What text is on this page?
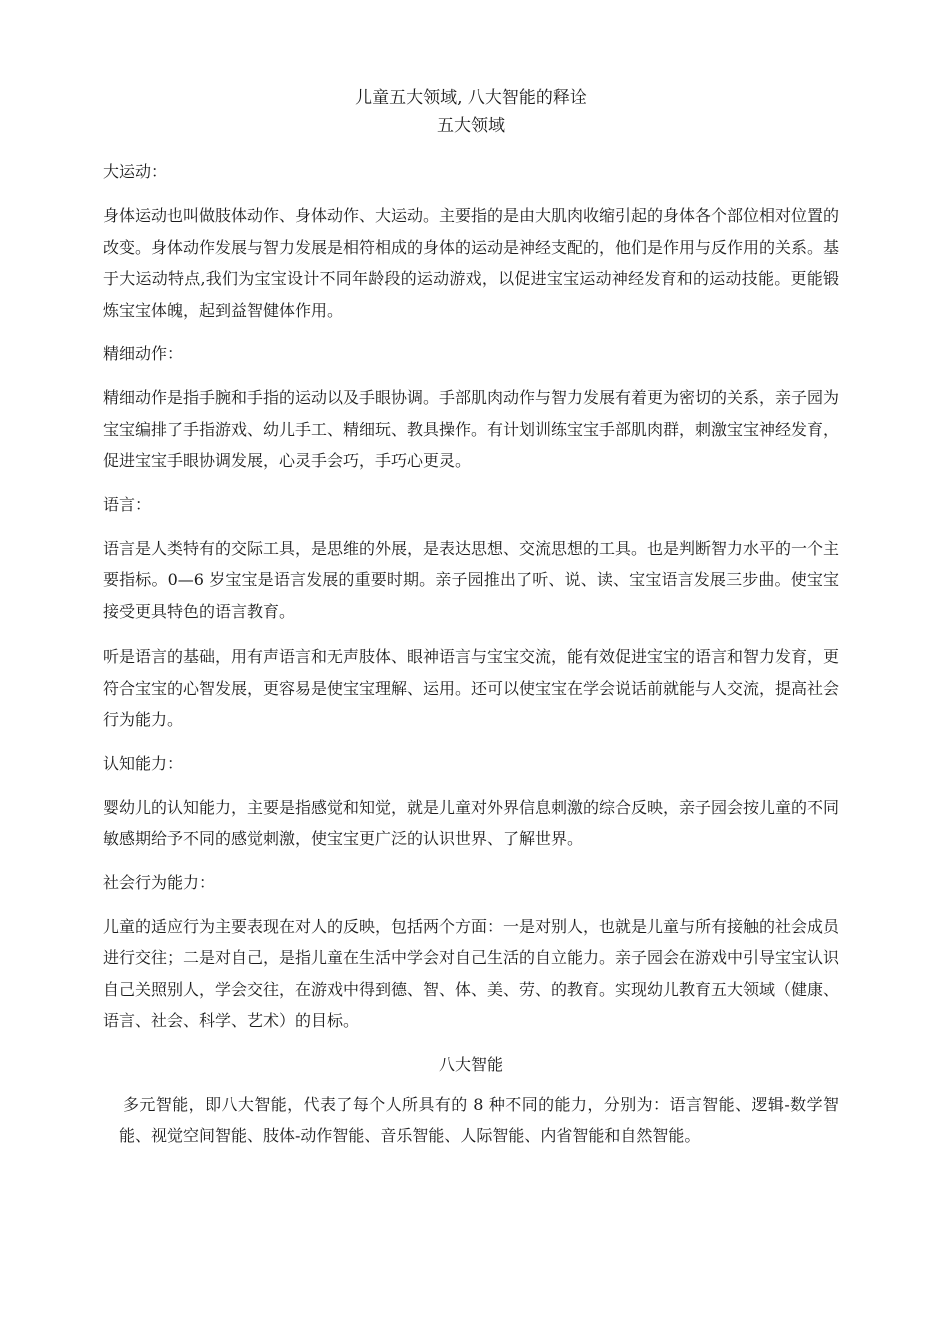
儿童五大领域, 八大智能的释诠
五大领域

大运动：

身体运动也叫做肢体动作、身体动作、大运动。主要指的是由大肌肉收缩引起的身体各个部位相对位置的改变。身体动作发展与智力发展是相符相成的身体的运动是神经支配的，他们是作用与反作用的关系。基于大运动特点,我们为宝宝设计不同年龄段的运动游戏，以促进宝宝运动神经发育和的运动技能。更能锻炼宝宝体魄，起到益智健体作用。

精细动作：

精细动作是指手腕和手指的运动以及手眼协调。手部肌肉动作与智力发展有着更为密切的关系，亲子园为宝宝编排了手指游戏、幼儿手工、精细玩、教具操作。有计划训练宝宝手部肌肉群，刺激宝宝神经发育，促进宝宝手眼协调发展，心灵手会巧，手巧心更灵。

语言：

语言是人类特有的交际工具，是思维的外展，是表达思想、交流思想的工具。也是判断智力水平的一个主要指标。0—6 岁宝宝是语言发展的重要时期。亲子园推出了听、说、读、宝宝语言发展三步曲。使宝宝接受更具特色的语言教育。

听是语言的基础，用有声语言和无声肢体、眼神语言与宝宝交流，能有效促进宝宝的语言和智力发育，更符合宝宝的心智发展，更容易是使宝宝理解、运用。还可以使宝宝在学会说话前就能与人交流，提高社会行为能力。

认知能力：

婴幼儿的认知能力，主要是指感觉和知觉，就是儿童对外界信息刺激的综合反映，亲子园会按儿童的不同敏感期给予不同的感觉刺激，使宝宝更广泛的认识世界、了解世界。

社会行为能力：

儿童的适应行为主要表现在对人的反映，包括两个方面：一是对别人，也就是儿童与所有接触的社会成员进行交往；二是对自己，是指儿童在生活中学会对自己生活的自立能力。亲子园会在游戏中引导宝宝认识自己关照别人，学会交往，在游戏中得到德、智、体、美、劳、的教育。实现幼儿教育五大领域（健康、语言、社会、科学、艺术）的目标。

八大智能

多元智能，即八大智能，代表了每个人所具有的 8 种不同的能力，分别为：语言智能、逻辑-数学智能、视觉空间智能、肢体-动作智能、音乐智能、人际智能、内省智能和自然智能。
